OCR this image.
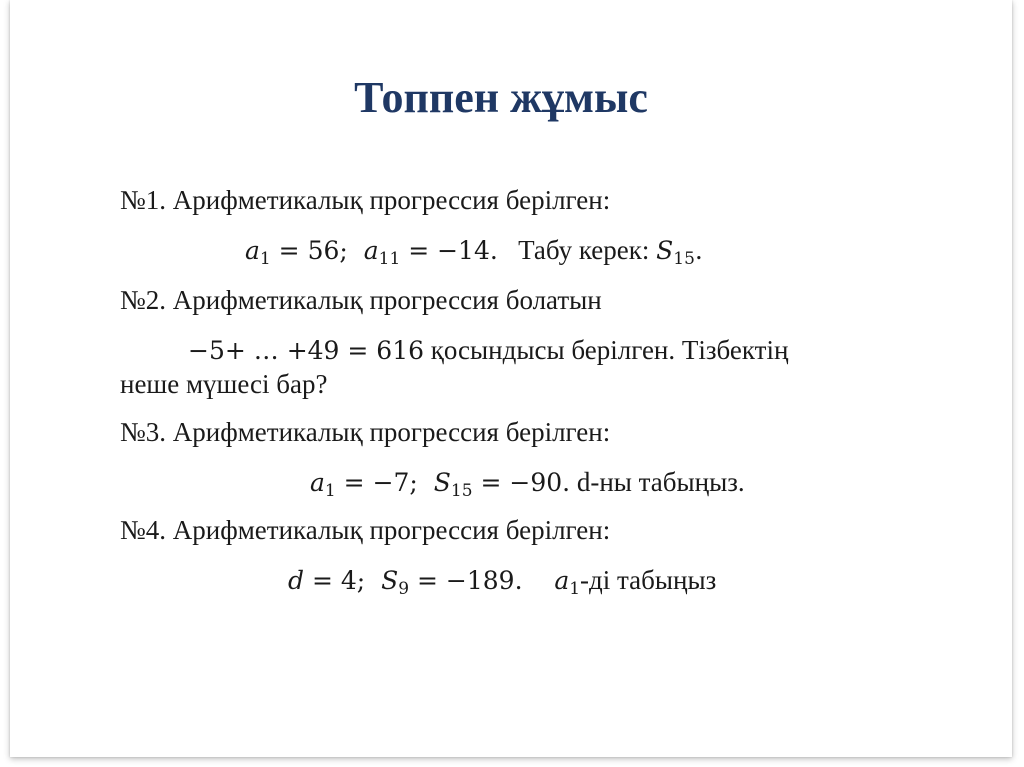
Топпен жұмыс
№1. Арифметикалық прогрессия берілген:
$a_1 = 56$; $a_{11} = -14$. Табу керек: $S_{15}$.
№2. Арифметикалық прогрессия болатын
−5+ … +49 = 616 қосындысы берілген. Тізбектің
неше мүшесі бар?
№3. Арифметикалық прогрессия берілген:
$a_1 = -7$; $S_{15} = -90$. d-ны табыңыз.
№4. Арифметикалық прогрессия берілген:
d = 4; $S_9 = -189$. $a_1-ді$ табыңыз
